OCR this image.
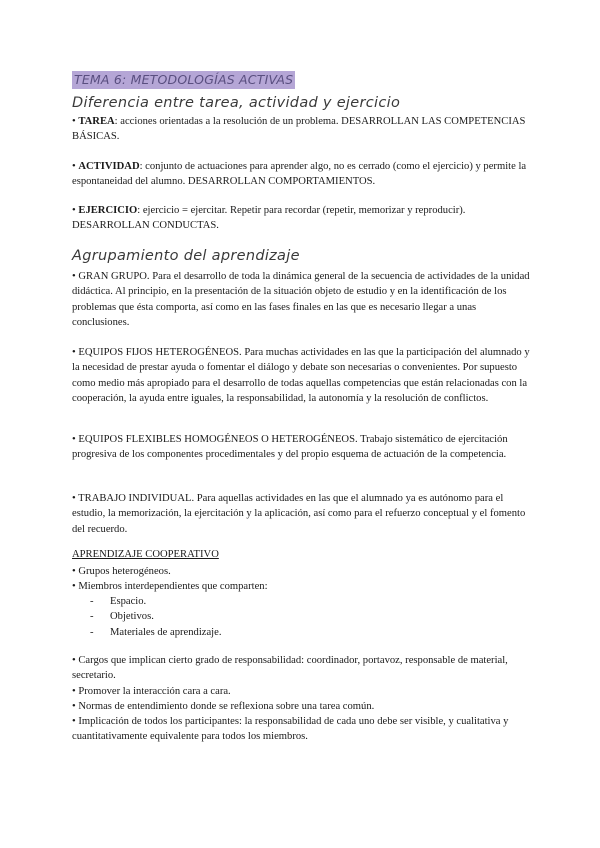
TEMA 6: METODOLOGÍAS ACTIVAS
Diferencia entre tarea, actividad y ejercicio
• TAREA: acciones orientadas a la resolución de un problema. DESARROLLAN LAS COMPETENCIAS BÁSICAS.
• ACTIVIDAD: conjunto de actuaciones para aprender algo, no es cerrado (como el ejercicio) y permite la espontaneidad del alumno. DESARROLLAN COMPORTAMIENTOS.
• EJERCICIO: ejercicio = ejercitar. Repetir para recordar (repetir, memorizar y reproducir). DESARROLLAN CONDUCTAS.
Agrupamiento del aprendizaje
• GRAN GRUPO. Para el desarrollo de toda la dinámica general de la secuencia de actividades de la unidad didáctica. Al principio, en la presentación de la situación objeto de estudio y en la identificación de los problemas que ésta comporta, así como en las fases finales en las que es necesario llegar a unas conclusiones.
• EQUIPOS FIJOS HETEROGÉNEOS. Para muchas actividades en las que la participación del alumnado y la necesidad de prestar ayuda o fomentar el diálogo y debate son necesarias o convenientes. Por supuesto como medio más apropiado para el desarrollo de todas aquellas competencias que están relacionadas con la cooperación, la ayuda entre iguales, la responsabilidad, la autonomía y la resolución de conflictos.
• EQUIPOS FLEXIBLES HOMOGÉNEOS O HETEROGÉNEOS. Trabajo sistemático de ejercitación progresiva de los componentes procedimentales y del propio esquema de actuación de la competencia.
• TRABAJO INDIVIDUAL. Para aquellas actividades en las que el alumnado ya es autónomo para el estudio, la memorización, la ejercitación y la aplicación, así como para el refuerzo conceptual y el fomento del recuerdo.
APRENDIZAJE COOPERATIVO
• Grupos heterogéneos.
• Miembros interdependientes que comparten:
- Espacio.
- Objetivos.
- Materiales de aprendizaje.
• Cargos que implican cierto grado de responsabilidad: coordinador, portavoz, responsable de material, secretario.
• Promover la interacción cara a cara.
• Normas de entendimiento donde se reflexiona sobre una tarea común.
• Implicación de todos los participantes: la responsabilidad de cada uno debe ser visible, y cualitativa y cuantitativamente equivalente para todos los miembros.
